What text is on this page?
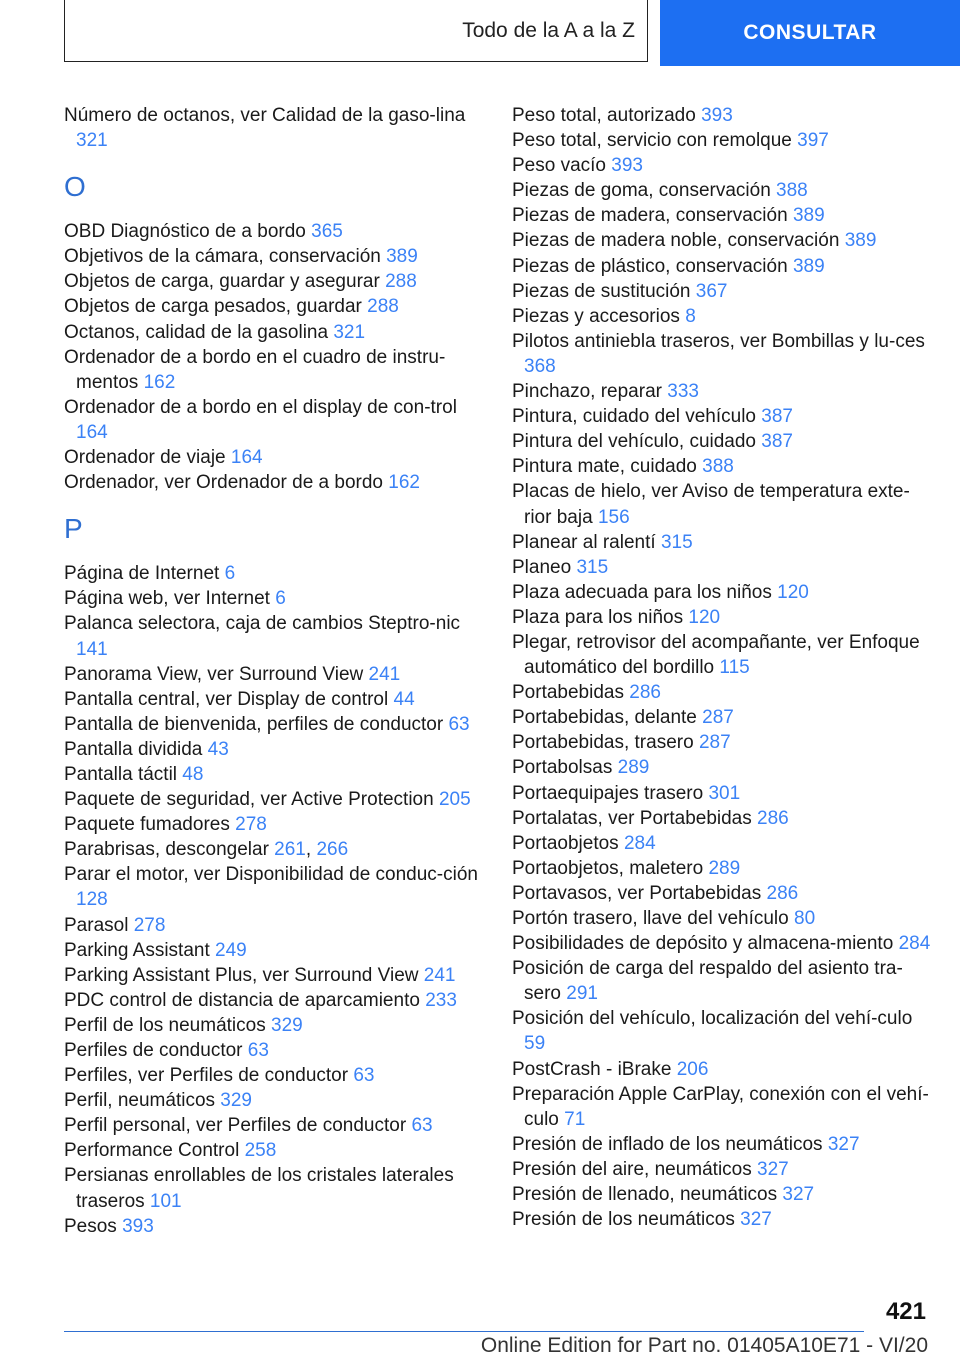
Todo de la A a la Z	CONSULTAR
Número de octanos, ver Calidad de la gaso‐lina 321
O
OBD Diagnóstico de a bordo 365
Objetivos de la cámara, conservación 389
Objetos de carga, guardar y asegurar 288
Objetos de carga pesados, guardar 288
Octanos, calidad de la gasolina 321
Ordenador de a bordo en el cuadro de instru‐mentos 162
Ordenador de a bordo en el display de con‐trol 164
Ordenador de viaje 164
Ordenador, ver Ordenador de a bordo 162
P
Página de Internet 6
Página web, ver Internet 6
Palanca selectora, caja de cambios Steptro‐nic 141
Panorama View, ver Surround View 241
Pantalla central, ver Display de control 44
Pantalla de bienvenida, perfiles de conductor 63
Pantalla dividida 43
Pantalla táctil 48
Paquete de seguridad, ver Active Protection 205
Paquete fumadores 278
Parabrisas, descongelar 261, 266
Parar el motor, ver Disponibilidad de conduc‐ción 128
Parasol 278
Parking Assistant 249
Parking Assistant Plus, ver Surround View 241
PDC control de distancia de aparcamiento 233
Perfil de los neumáticos 329
Perfiles de conductor 63
Perfiles, ver Perfiles de conductor 63
Perfil, neumáticos 329
Perfil personal, ver Perfiles de conductor 63
Performance Control 258
Persianas enrollables de los cristales laterales traseros 101
Pesos 393
Peso total, autorizado 393
Peso total, servicio con remolque 397
Peso vacío 393
Piezas de goma, conservación 388
Piezas de madera, conservación 389
Piezas de madera noble, conservación 389
Piezas de plástico, conservación 389
Piezas de sustitución 367
Piezas y accesorios 8
Pilotos antiniebla traseros, ver Bombillas y lu‐ces 368
Pinchazo, reparar 333
Pintura, cuidado del vehículo 387
Pintura del vehículo, cuidado 387
Pintura mate, cuidado 388
Placas de hielo, ver Aviso de temperatura exte‐rior baja 156
Planear al ralentí 315
Planeo 315
Plaza adecuada para los niños 120
Plaza para los niños 120
Plegar, retrovisor del acompañante, ver Enfoque automático del bordillo 115
Portabebidas 286
Portabebidas, delante 287
Portabebidas, trasero 287
Portabolsas 289
Portaequipajes trasero 301
Portalatas, ver Portabebidas 286
Portaobjetos 284
Portaobjetos, maletero 289
Portavasos, ver Portabebidas 286
Portón trasero, llave del vehículo 80
Posibilidades de depósito y almacena‐miento 284
Posición de carga del respaldo del asiento tra‐sero 291
Posición del vehículo, localización del vehí‐culo 59
PostCrash - iBrake 206
Preparación Apple CarPlay, conexión con el vehí‐culo 71
Presión de inflado de los neumáticos 327
Presión del aire, neumáticos 327
Presión de llenado, neumáticos 327
Presión de los neumáticos 327
421
Online Edition for Part no. 01405A10E71 - VI/20
